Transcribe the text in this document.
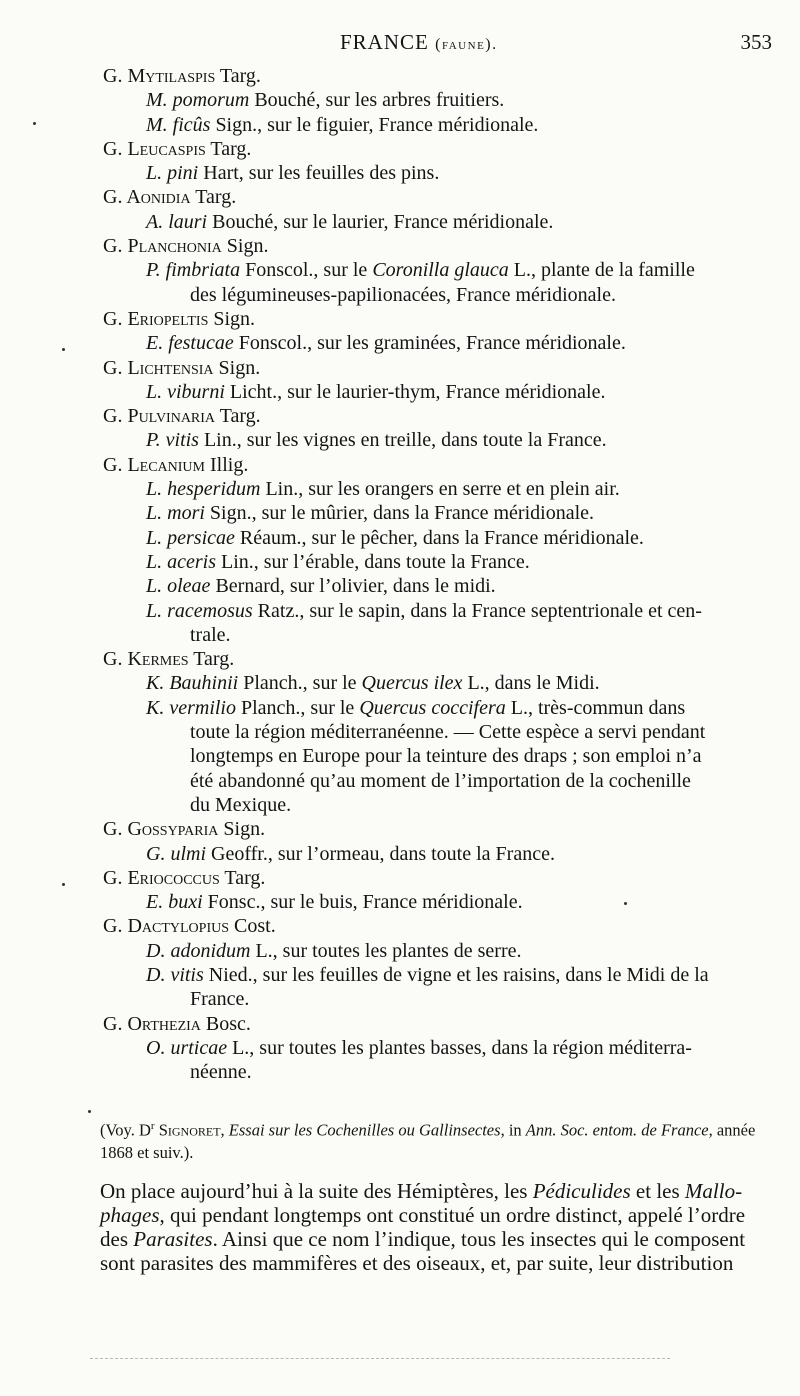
FRANCE (faune).	353
G. Mytilaspis Targ.
M. pomorum Bouché, sur les arbres fruitiers.
M. ficûs Sign., sur le figuier, France méridionale.
G. Leucaspis Targ.
L. pini Hart, sur les feuilles des pins.
G. Aonidia Targ.
A. lauri Bouché, sur le laurier, France méridionale.
G. Planchonia Sign.
P. fimbriata Fonscol., sur le Coronilla glauca L., plante de la famille
des légumineuses-papilionacées, France méridionale.
G. Eriopeltis Sign.
E. festucae Fonscol., sur les graminées, France méridionale.
G. Lichtensia Sign.
L. viburni Licht., sur le laurier-thym, France méridionale.
G. Pulvinaria Targ.
P. vitis Lin., sur les vignes en treille, dans toute la France.
G. Lecanium Illig.
L. hesperidum Lin., sur les orangers en serre et en plein air.
L. mori Sign., sur le mûrier, dans la France méridionale.
L. persicae Réaum., sur le pêcher, dans la France méridionale.
L. aceris Lin., sur l’érable, dans toute la France.
L. oleae Bernard, sur l’olivier, dans le midi.
L. racemosus Ratz., sur le sapin, dans la France septentrionale et cen-
trale.
G. Kermes Targ.
K. Bauhinii Planch., sur le Quercus ilex L., dans le Midi.
K. vermilio Planch., sur le Quercus coccifera L., très-commun dans
toute la région méditerranéenne. — Cette espèce a servi pendant
longtemps en Europe pour la teinture des draps ; son emploi n’a
été abandonné qu’au moment de l’importation de la cochenille
du Mexique.
G. Gossyparia Sign.
G. ulmi Geoffr., sur l’ormeau, dans toute la France.
G. Eriococcus Targ.
E. buxi Fonsc., sur le buis, France méridionale.
G. Dactylopius Cost.
D. adonidum L., sur toutes les plantes de serre.
D. vitis Nied., sur les feuilles de vigne et les raisins, dans le Midi de la
France.
G. Orthezia Bosc.
O. urticae L., sur toutes les plantes basses, dans la région méditerra-
néenne.
(Voy. $D^r$ Signoret, Essai sur les Cochenilles ou Gallinsectes, in Ann. Soc. entom. de France, année 1868 et suiv.).
On place aujourd’hui à la suite des Hémiptères, les Pédiculides et les Mallo-
phages, qui pendant longtemps ont constitué un ordre distinct, appelé l’ordre
des Parasites. Ainsi que ce nom l’indique, tous les insectes qui le composent
sont parasites des mammifères et des oiseaux, et, par suite, leur distribution
